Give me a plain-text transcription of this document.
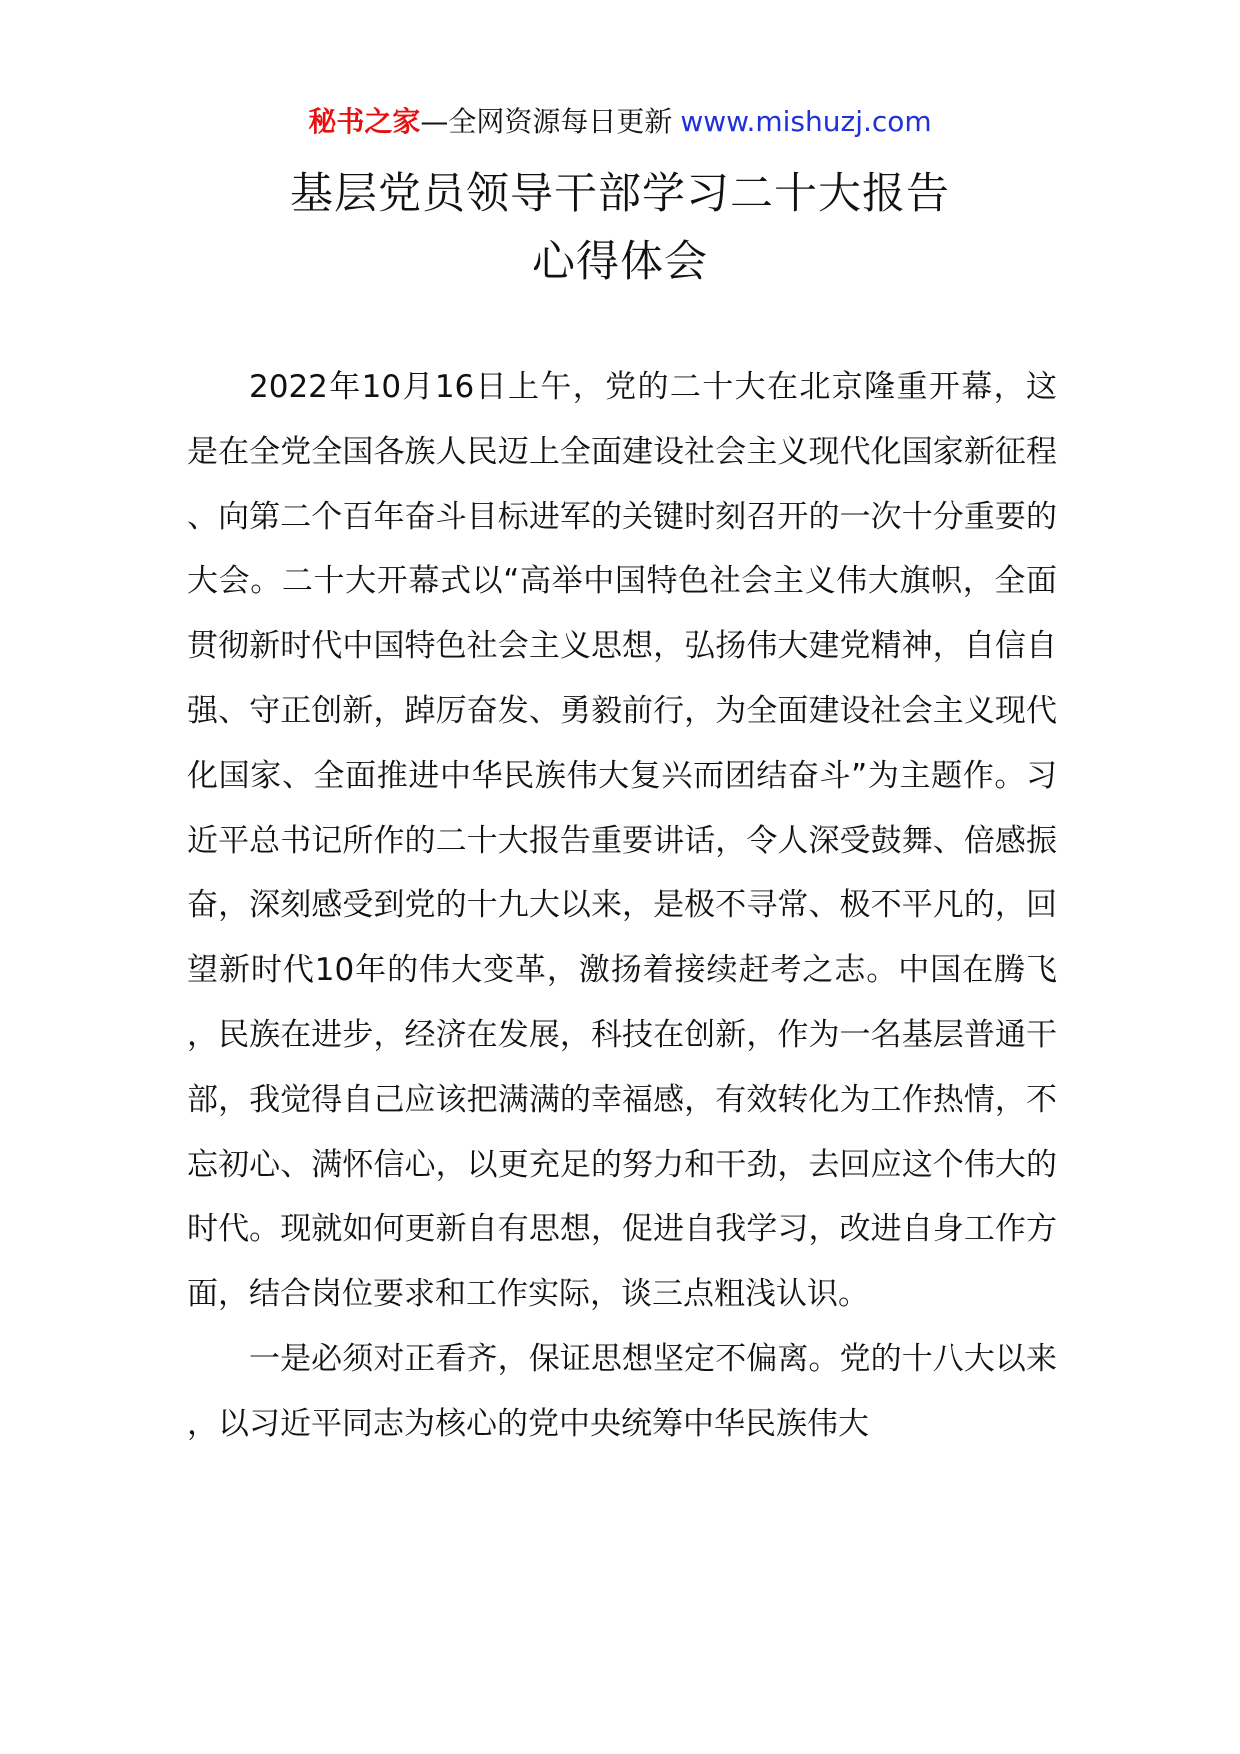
秘书之家—全网资源每日更新 www.mishuzj.com
基层党员领导干部学习二十大报告
心得体会

2022年10月16日上午，党的二十大在北京隆重开幕，这是在全党全国各族人民迈上全面建设社会主义现代化国家新征程、向第二个百年奋斗目标进军的关键时刻召开的一次十分重要的大会。二十大开幕式以“高举中国特色社会主义伟大旗帜，全面贯彻新时代中国特色社会主义思想，弘扬伟大建党精神，自信自强、守正创新，踔厉奋发、勇毅前行，为全面建设社会主义现代化国家、全面推进中华民族伟大复兴而团结奋斗”为主题作。习近平总书记所作的二十大报告重要讲话，令人深受鼓舞、倍感振奋，深刻感受到党的十九大以来，是极不寻常、极不平凡的，回望新时代10年的伟大变革，激扬着接续赶考之志。中国在腾飞，民族在进步，经济在发展，科技在创新，作为一名基层普通干部，我觉得自己应该把满满的幸福感，有效转化为工作热情，不忘初心、满怀信心，以更充足的努力和干劲，去回应这个伟大的时代。现就如何更新自有思想，促进自我学习，改进自身工作方面，结合岗位要求和工作实际，谈三点粗浅认识。

一是必须对正看齐，保证思想坚定不偏离。党的十八大以来，以习近平同志为核心的党中央统筹中华民族伟大
